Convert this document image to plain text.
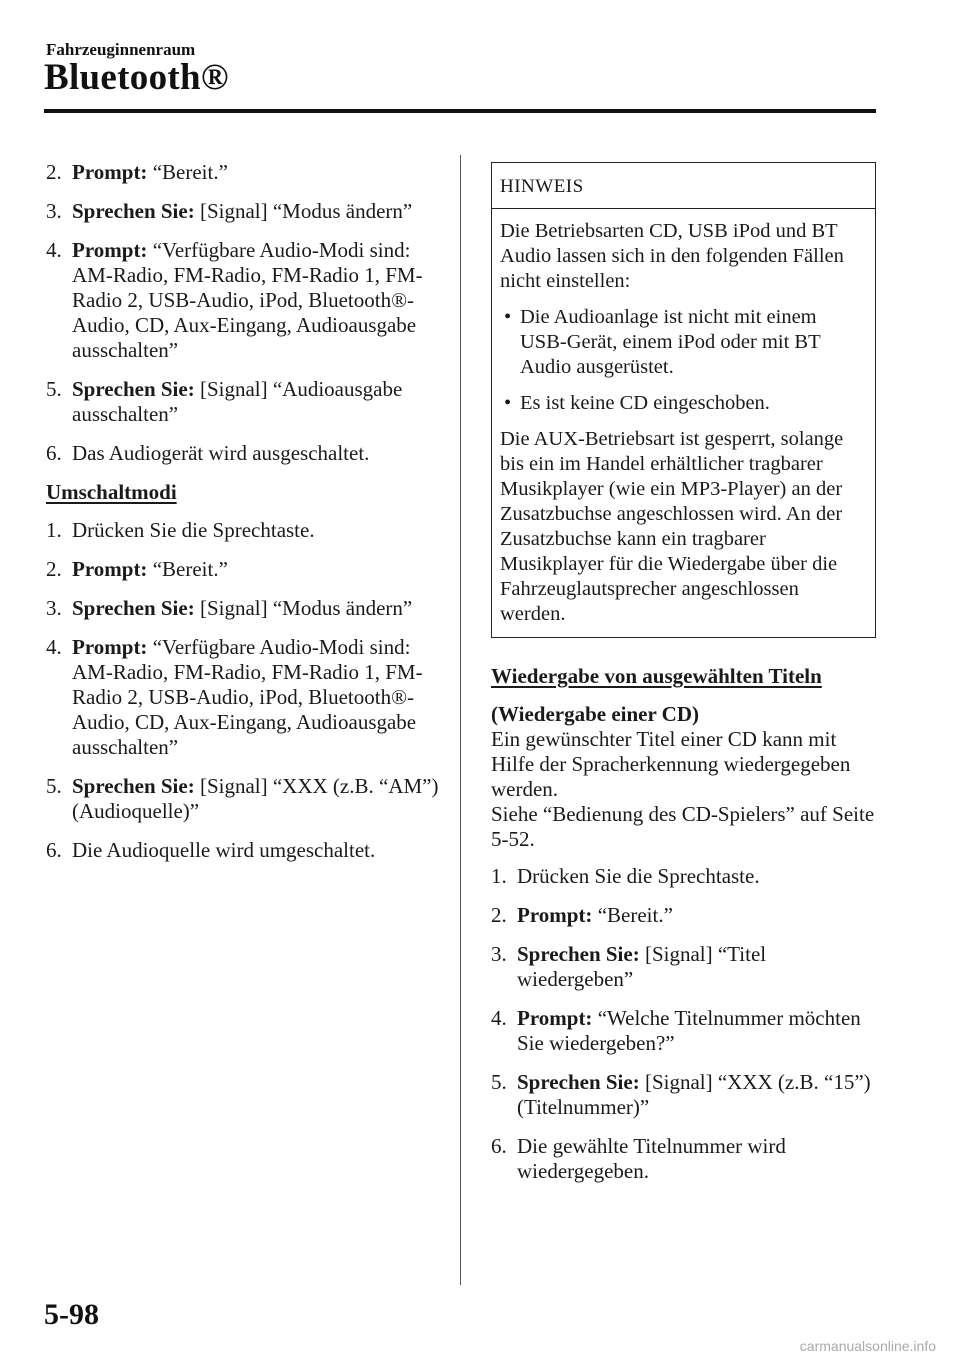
Fahrzeuginnenraum
Bluetooth®
2. Prompt: “Bereit.”
3. Sprechen Sie: [Signal] “Modus ändern”
4. Prompt: “Verfügbare Audio-Modi sind: AM-Radio, FM-Radio, FM-Radio 1, FM-Radio 2, USB-Audio, iPod, Bluetooth®-Audio, CD, Aux-Eingang, Audioausgabe ausschalten”
5. Sprechen Sie: [Signal] “Audioausgabe ausschalten”
6. Das Audiogerät wird ausgeschaltet.
Umschaltmodi
1. Drücken Sie die Sprechtaste.
2. Prompt: “Bereit.”
3. Sprechen Sie: [Signal] “Modus ändern”
4. Prompt: “Verfügbare Audio-Modi sind: AM-Radio, FM-Radio, FM-Radio 1, FM-Radio 2, USB-Audio, iPod, Bluetooth®-Audio, CD, Aux-Eingang, Audioausgabe ausschalten”
5. Sprechen Sie: [Signal] “XXX (z.B. “AM”) (Audioquelle)”
6. Die Audioquelle wird umgeschaltet.
HINWEIS

Die Betriebsarten CD, USB iPod und BT Audio lassen sich in den folgenden Fällen nicht einstellen:

• Die Audioanlage ist nicht mit einem USB-Gerät, einem iPod oder mit BT Audio ausgerüstet.
• Es ist keine CD eingeschoben.

Die AUX-Betriebsart ist gesperrt, solange bis ein im Handel erhältlicher tragbarer Musikplayer (wie ein MP3-Player) an der Zusatzbuchse angeschlossen wird. An der Zusatzbuchse kann ein tragbarer Musikplayer für die Wiedergabe über die Fahrzeuglautsprecher angeschlossen werden.

Wiedergabe von ausgewählten Titeln
(Wiedergabe einer CD)
Ein gewünschter Titel einer CD kann mit Hilfe der Spracherkennung wiedergegeben werden.
Siehe “Bedienung des CD-Spielers” auf Seite 5-52.
1. Drücken Sie die Sprechtaste.
2. Prompt: “Bereit.”
3. Sprechen Sie: [Signal] “Titel wiedergeben”
4. Prompt: “Welche Titelnummer möchten Sie wiedergeben?”
5. Sprechen Sie: [Signal] “XXX (z.B. “15”) (Titelnummer)”
6. Die gewählte Titelnummer wird wiedergegeben.
5-98
carmanualsonline.info
